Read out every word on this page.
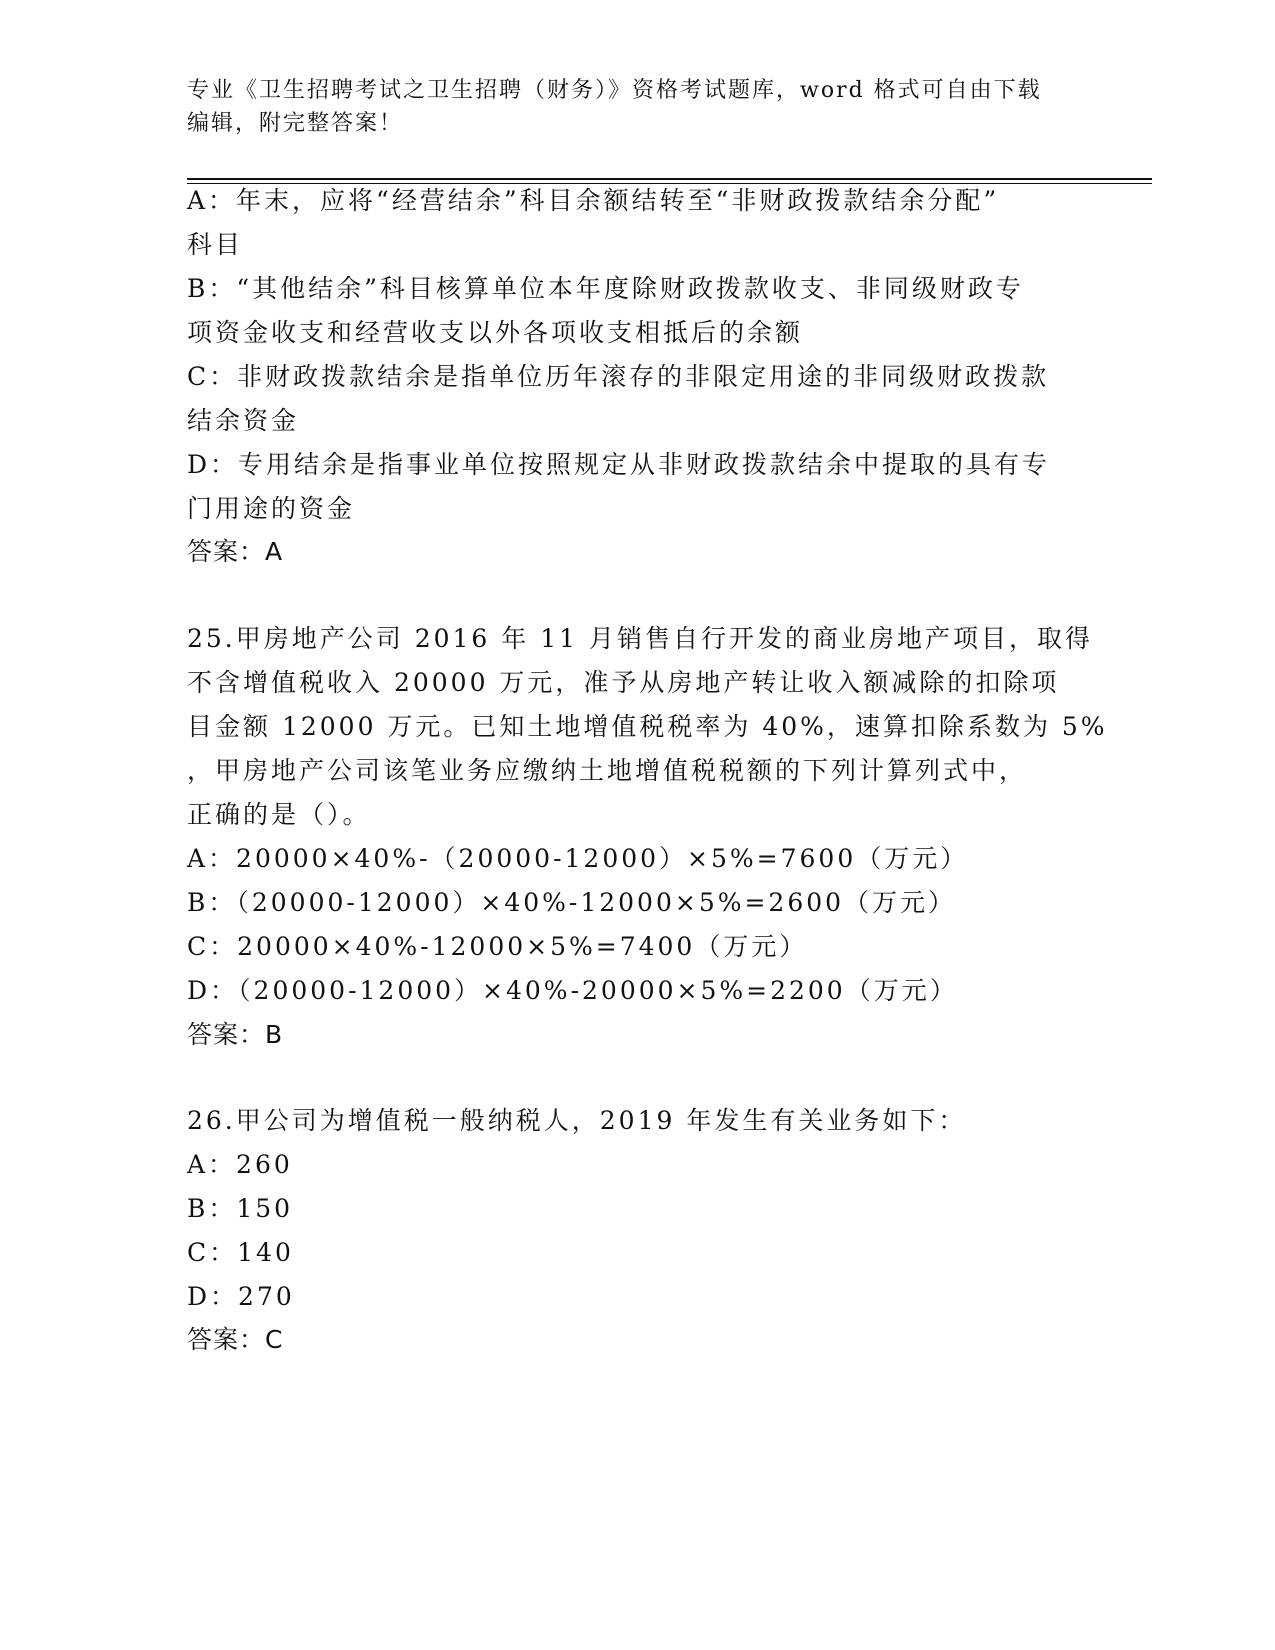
专业《卫生招聘考试之卫生招聘（财务）》资格考试题库，word 格式可自由下载
编辑，附完整答案！
A：年末，应将“经营结余”科目余额结转至“非财政拨款结余分配”
科目
B：“其他结余”科目核算单位本年度除财政拨款收支、非同级财政专
项资金收支和经营收支以外各项收支相抵后的余额
C：非财政拨款结余是指单位历年滚存的非限定用途的非同级财政拨款
结余资金
D：专用结余是指事业单位按照规定从非财政拨款结余中提取的具有专
门用途的资金
答案：A
25.甲房地产公司 2016 年 11 月销售自行开发的商业房地产项目，取得
不含增值税收入 20000 万元，准予从房地产转让收入额减除的扣除项
目金额 12000 万元。已知土地增值税税率为 40%，速算扣除系数为 5%
，甲房地产公司该笔业务应缴纳土地增值税税额的下列计算列式中，
正确的是（）。
A：20000×40%-（20000-12000）×5%=7600（万元）
B：（20000-12000）×40%-12000×5%=2600（万元）
C：20000×40%-12000×5%=7400（万元）
D：（20000-12000）×40%-20000×5%=2200（万元）
答案：B
26.甲公司为增值税一般纳税人，2019 年发生有关业务如下：
A：260
B：150
C：140
D：270
答案：C
